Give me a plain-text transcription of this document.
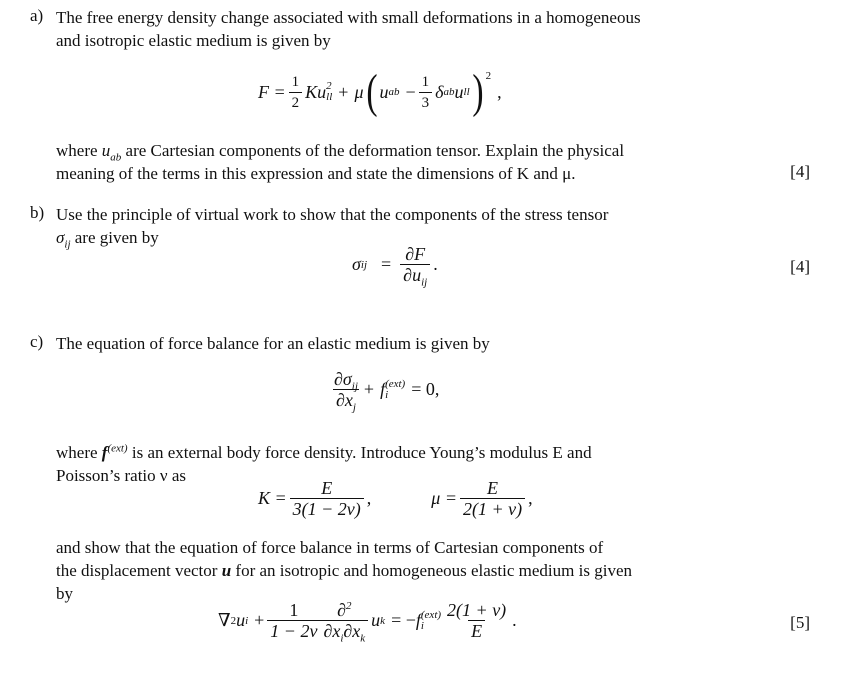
a) The free energy density change associated with small deformations in a homogeneous
and isotropic elastic medium is given by
$F = \frac{1}{2}$ Ku 2
ll + μ ( u ab − $\frac{1}{3}$ δ ab u ll )$^2$
,
where $u_{ab}$ are Cartesian components of the deformation tensor. Explain the physical
meaning of the terms in this expression and state the dimensions of K and μ.	[4]
b) Use the principle of virtual work to show that the components of the stress tensor
$\sigma_{ij}$ are given by
σ ij = $\frac{\partial F}{\partial u_{ij}}$ .	[4]
c) The equation of force balance for an elastic medium is given by
$\frac{\partial\sigma_{ij}}{\partial x_j} + f$ (ext)
i	= 0,
where $f^{(ext)}$ is an external body force density. Introduce Young’s modulus E and
Poisson’s ratio ν as
$K = \frac{E}{3(1 - 2\nu)}$ ,	$\mu = \frac{E}{2(1 + \nu)}$ ,
and show that the equation of force balance in terms of Cartesian components of
the displacement vector u for an isotropic and homogeneous elastic medium is given
by
∇ 2 u $i + \frac{1}{1 - 2\nu} \frac{\partial^2}{\partial x_i\partial x_k}$ u k = − f (ext)
i	$\frac{2(1 + \nu)}{E}$ .	[5]
